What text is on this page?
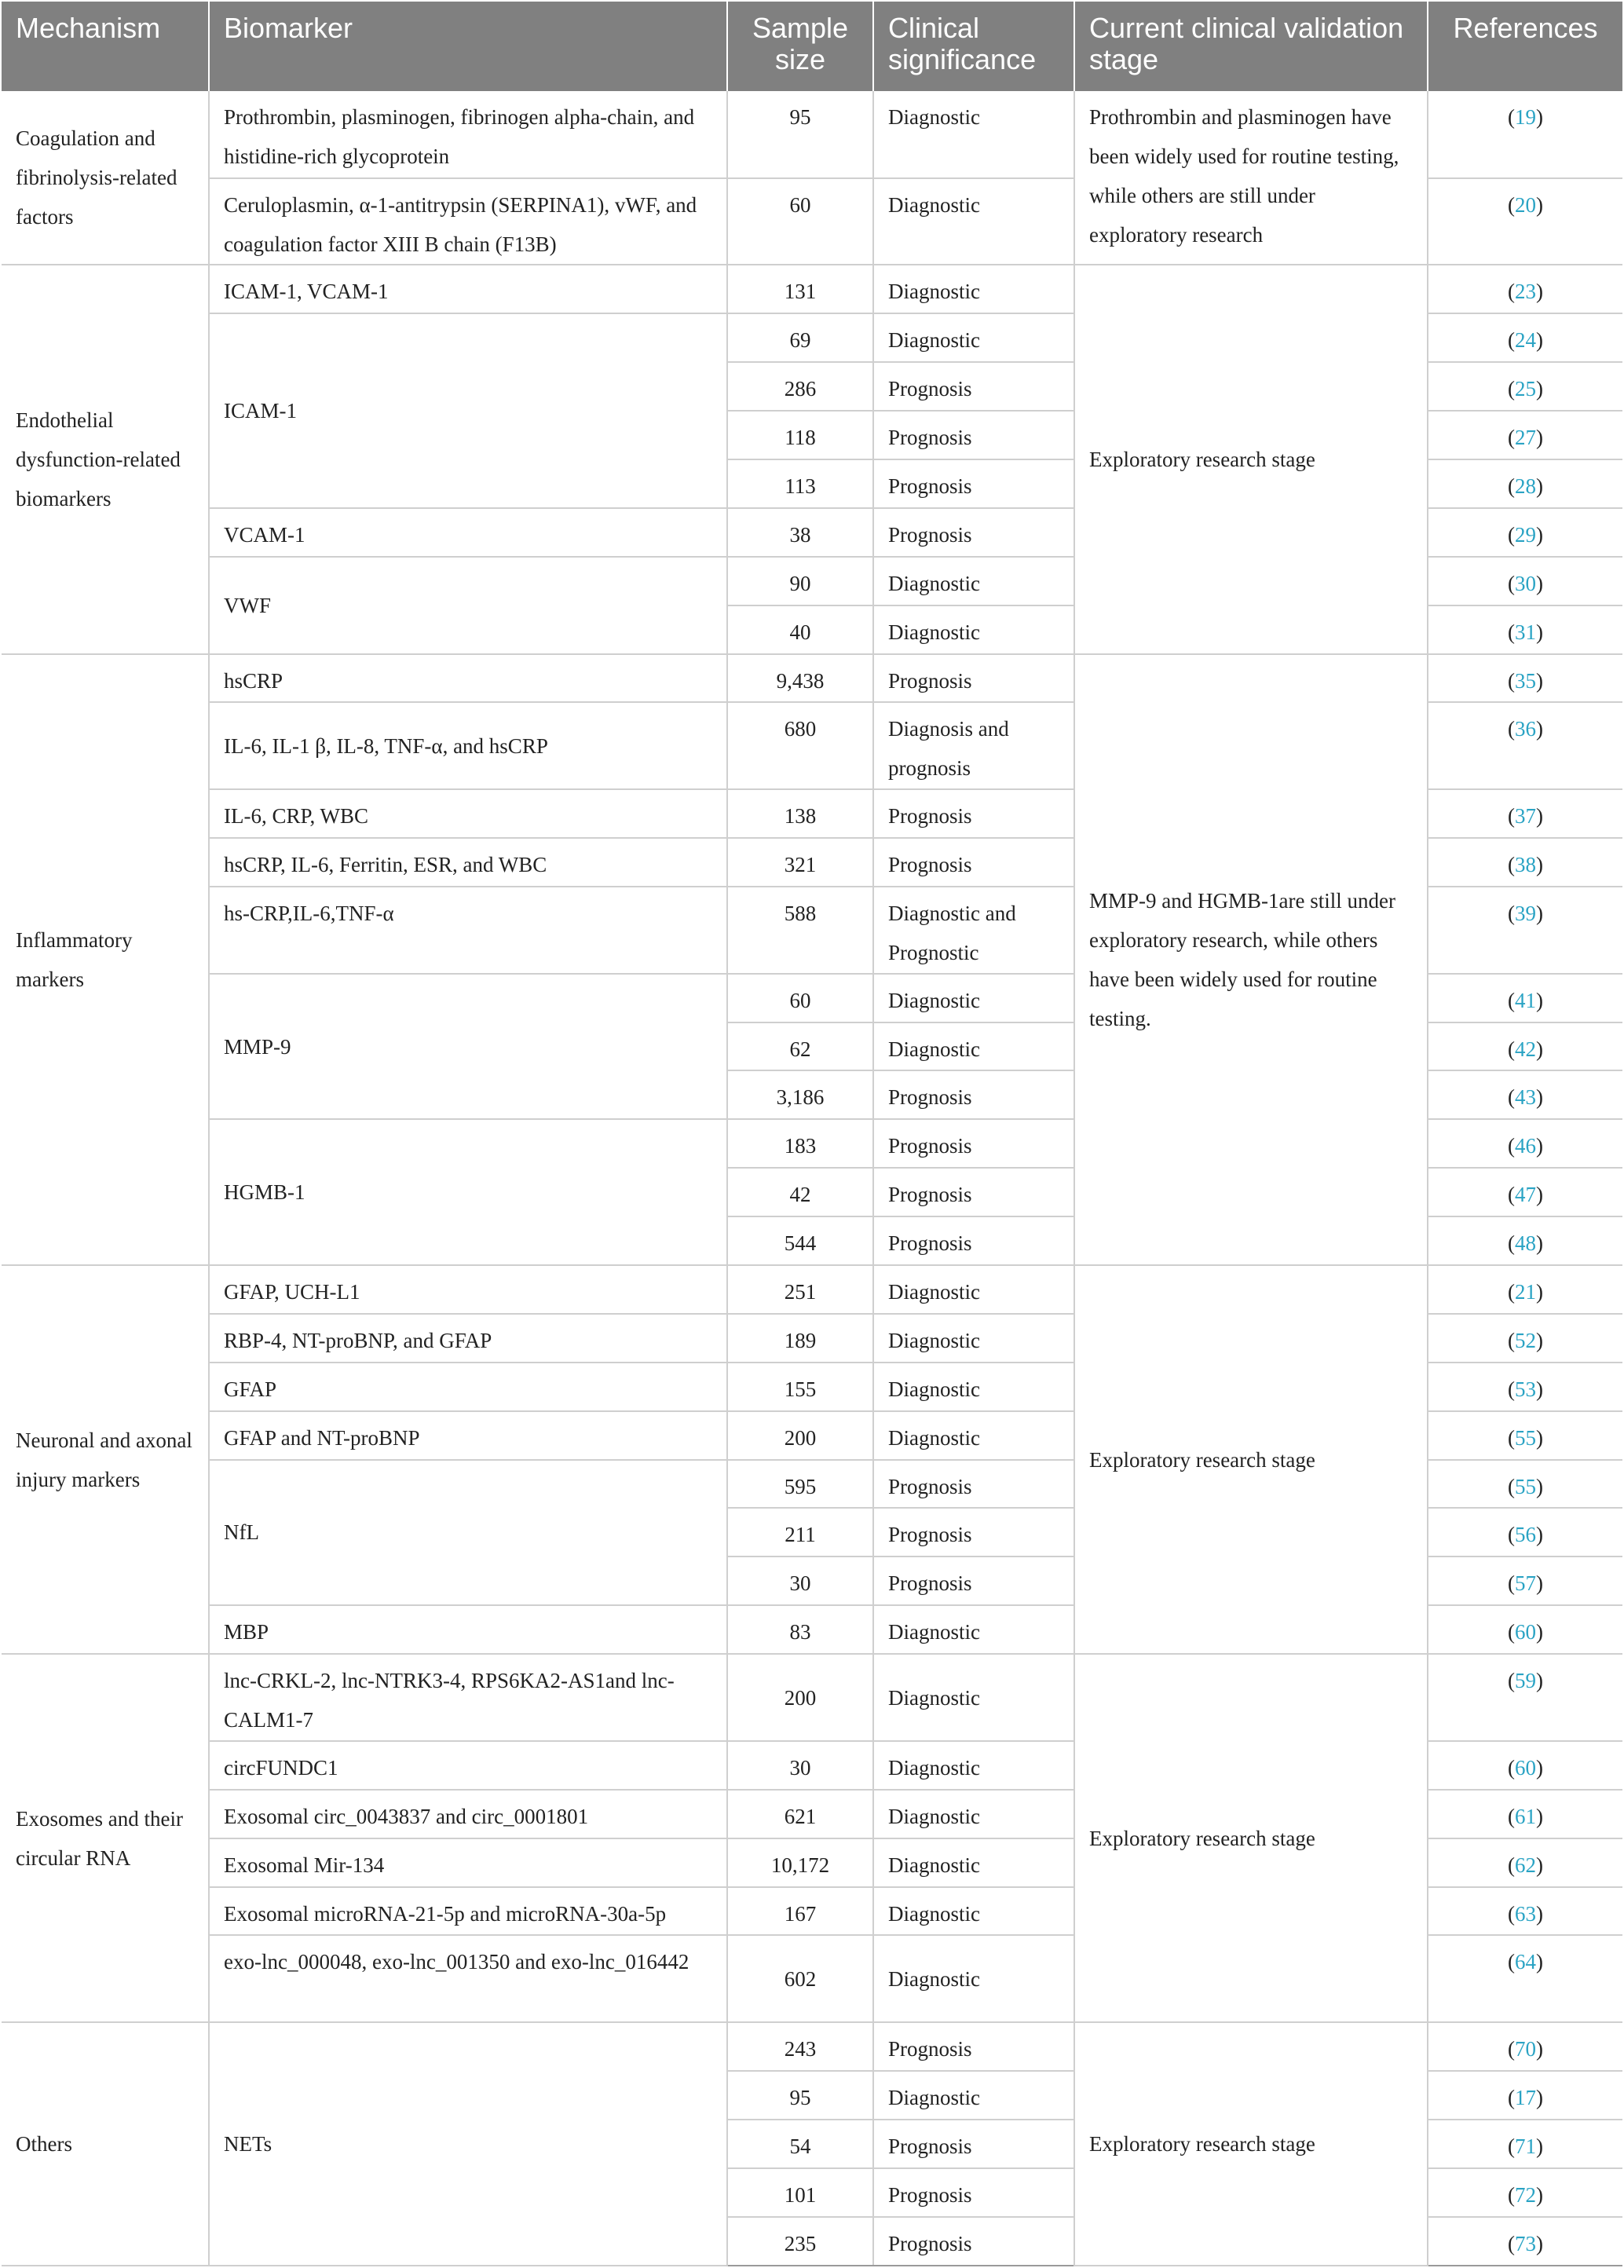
Mechanism	Biomarker	Sample size	Clinical significance	Current clinical validation stage	References
Coagulation and fibrinolysis-related factors	Prothrombin, plasminogen, fibrinogen alpha-chain, and histidine-rich glycoprotein	95	Diagnostic	Prothrombin and plasminogen have been widely used for routine testing, while others are still under exploratory research	(19)
	Ceruloplasmin, α-1-antitrypsin (SERPINA1), vWF, and coagulation factor XIII B chain (F13B)	60	Diagnostic		(20)
Endothelial dysfunction-related biomarkers	ICAM-1, VCAM-1	131	Diagnostic	Exploratory research stage	(23)
	ICAM-1	69	Diagnostic		(24)
		286	Prognosis		(25)
		118	Prognosis		(27)
		113	Prognosis		(28)
	VCAM-1	38	Prognosis		(29)
	VWF	90	Diagnostic		(30)
		40	Diagnostic		(31)
Inflammatory markers	hsCRP	9,438	Prognosis	MMP-9 and HGMB-1are still under exploratory research, while others have been widely used for routine testing.	(35)
	IL-6, IL-1 β, IL-8, TNF-α, and hsCRP	680	Diagnosis and prognosis		(36)
	IL-6, CRP, WBC	138	Prognosis		(37)
	hsCRP, IL-6, Ferritin, ESR, and WBC	321	Prognosis		(38)
	hs-CRP,IL-6,TNF-α	588	Diagnostic and Prognostic		(39)
	MMP-9	60	Diagnostic		(41)
		62	Diagnostic		(42)
		3,186	Prognosis		(43)
	HGMB-1	183	Prognosis		(46)
		42	Prognosis		(47)
		544	Prognosis		(48)
Neuronal and axonal injury markers	GFAP, UCH-L1	251	Diagnostic	Exploratory research stage	(21)
	RBP-4, NT-proBNP, and GFAP	189	Diagnostic		(52)
	GFAP	155	Diagnostic		(53)
	GFAP and NT-proBNP	200	Diagnostic		(55)
	NfL	595	Prognosis		(55)
		211	Prognosis		(56)
		30	Prognosis		(57)
	MBP	83	Diagnostic		(60)
Exosomes and their circular RNA	lnc-CRKL-2, lnc-NTRK3-4, RPS6KA2-AS1and lnc-CALM1-7	200	Diagnostic	Exploratory research stage	(59)
	circFUNDC1	30	Diagnostic		(60)
	Exosomal circ_0043837 and circ_0001801	621	Diagnostic		(61)
	Exosomal Mir-134	10,172	Diagnostic		(62)
	Exosomal microRNA-21-5p and microRNA-30a-5p	167	Diagnostic		(63)
	exo-lnc_000048, exo-lnc_001350 and exo-lnc_016442	602	Diagnostic		(64)
Others	NETs	243	Prognosis	Exploratory research stage	(70)
		95	Diagnostic		(17)
		54	Prognosis		(71)
		101	Prognosis		(72)
		235	Prognosis		(73)
